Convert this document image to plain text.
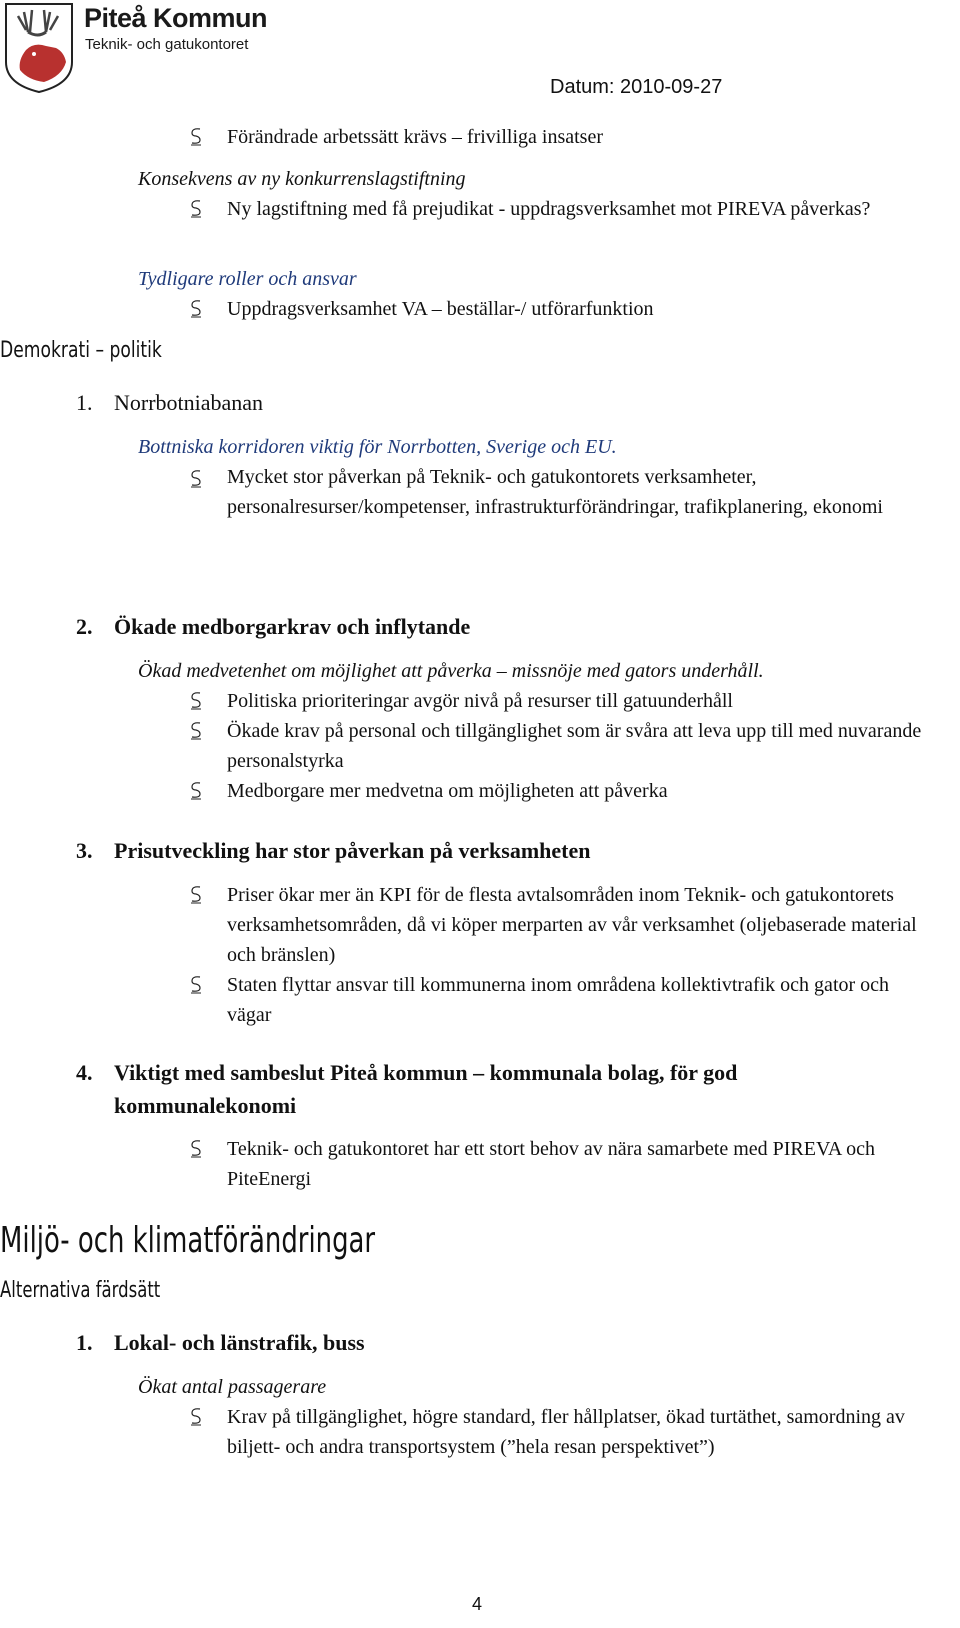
Piteå Kommun
Teknik- och gatukontoret
Datum: 2010-09-27
Förändrade arbetssätt krävs – frivilliga insatser
Konsekvens av ny konkurrenslagstiftning
Ny lagstiftning med få prejudikat - uppdragsverksamhet mot PIREVA påverkas?
Tydligare roller och ansvar
Uppdragsverksamhet VA – beställar-/ utförarfunktion
Demokrati – politik
1. Norrbotniabanan
Bottniska korridoren viktig för Norrbotten, Sverige och EU.
Mycket stor påverkan på Teknik- och gatukontorets verksamheter, personalresurser/kompetenser, infrastrukturförändringar, trafikplanering, ekonomi
2. Ökade medborgarkrav och inflytande
Ökad medvetenhet om möjlighet att påverka – missnöje med gators underhåll.
Politiska prioriteringar avgör nivå på resurser till gatuunderhåll
Ökade krav på personal och tillgänglighet som är svåra att leva upp till med nuvarande personalstyrka
Medborgare mer medvetna om möjligheten att påverka
3. Prisutveckling har stor påverkan på verksamheten
Priser ökar mer än KPI för de flesta avtalsområden inom Teknik- och gatukontorets verksamhetsområden, då vi köper merparten av vår verksamhet (oljebaserade material och bränslen)
Staten flyttar ansvar till kommunerna inom områdena kollektivtrafik och gator och vägar
4. Viktigt med sambeslut Piteå kommun – kommunala bolag, för god kommunalekonomi
Teknik- och gatukontoret har ett stort behov av nära samarbete med PIREVA och PiteEnergi
Miljö- och klimatförändringar
Alternativa färdsätt
1. Lokal- och länstrafik, buss
Ökat antal passagerare
Krav på tillgänglighet, högre standard, fler hållplatser, ökad turtäthet, samordning av biljett- och andra transportsystem (”hela resan perspektivet”)
4
